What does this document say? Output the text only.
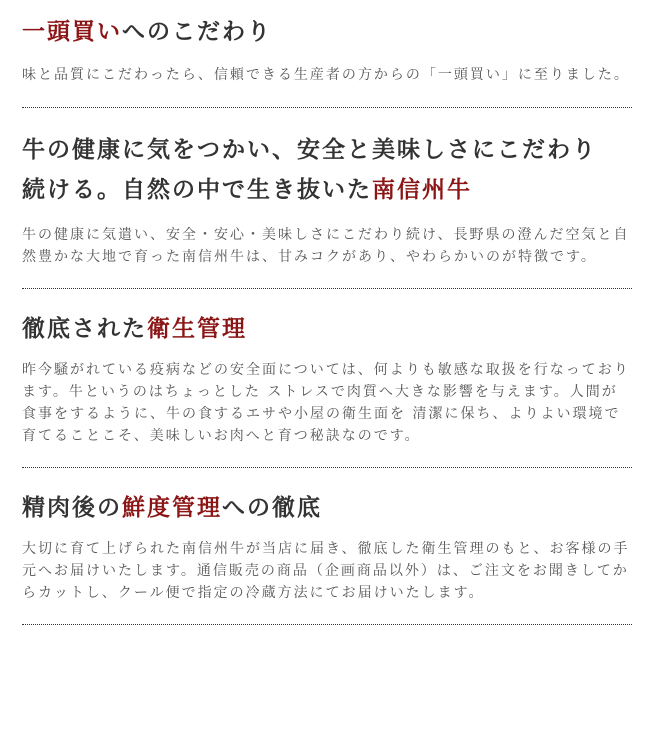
一頭買いへのこだわり

味と品質にこだわったら、信頼できる生産者の方からの「一頭買い」に至りました。

牛の健康に気をつかい、安全と美味しさにこだわり
続ける。自然の中で生き抜いた南信州牛

牛の健康に気遣い、安全・安心・美味しさにこだわり続け、長野県の澄んだ空気と自然豊かな大地で育った南信州牛は、甘みコクがあり、やわらかいのが特徴です。

徹底された衛生管理

昨今騒がれている疫病などの安全面については、何よりも敏感な取扱を行なっております。牛というのはちょっとした ストレスで肉質へ大きな影響を与えます。人間が食事をするように、牛の食するエサや小屋の衛生面を 清潔に保ち、よりよい環境で育てることこそ、美味しいお肉へと育つ秘訣なのです。

精肉後の鮮度管理への徹底

大切に育て上げられた南信州牛が当店に届き、徹底した衛生管理のもと、お客様の手元へお届けいたします。通信販売の商品（企画商品以外）は、ご注文をお聞きしてからカットし、クール便で指定の冷蔵方法にてお届けいたします。
